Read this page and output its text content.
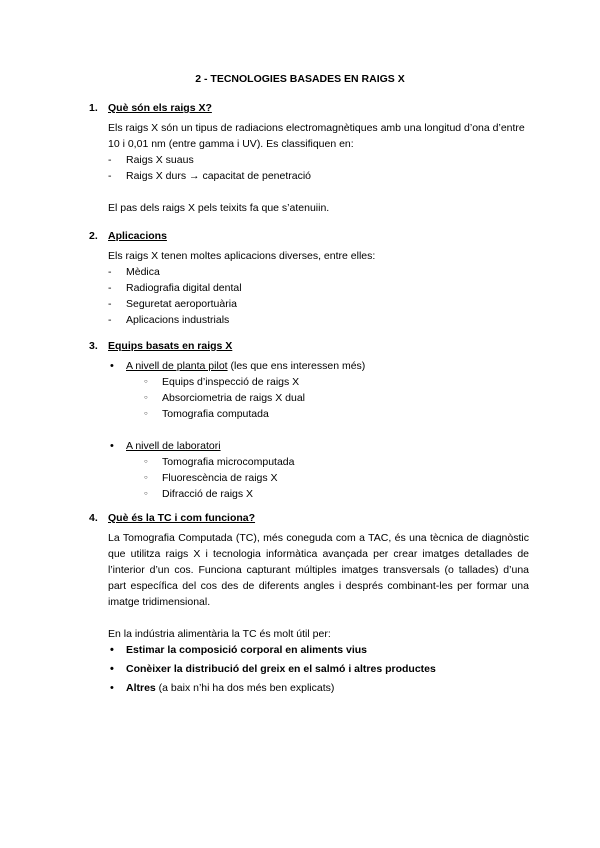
2 - TECNOLOGIES BASADES EN RAIGS X
1. Què són els raigs X?
Els raigs X són un tipus de radiacions electromagnètiques amb una longitud d’ona d’entre 10 i 0,01 nm (entre gamma i UV). Es classifiquen en:
- Raigs X suaus
- Raigs X durs → capacitat de penetració
El pas dels raigs X pels teixits fa que s’atenuiin.
2. Aplicacions
Els raigs X tenen moltes aplicacions diverses, entre elles:
- Mèdica
- Radiografia digital dental
- Seguretat aeroportuària
- Aplicacions industrials
3. Equips basats en raigs X
• A nivell de planta pilot (les que ens interessen més)
○ Equips d’inspecció de raigs X
○ Absorciometria de raigs X dual
○ Tomografia computada
• A nivell de laboratori
○ Tomografia microcomputada
○ Fluorescència de raigs X
○ Difracció de raigs X
4. Què és la TC i com funciona?
La Tomografia Computada (TC), més coneguda com a TAC, és una tècnica de diagnòstic que utilitza raigs X i tecnologia informàtica avançada per crear imatges detallades de l’interior d’un cos. Funciona capturant múltiples imatges transversals (o tallades) d’una part específica del cos des de diferents angles i després combinant-les per formar una imatge tridimensional.
En la indústria alimentària la TC és molt útil per:
• Estimar la composició corporal en aliments vius
• Conèixer la distribució del greix en el salmó i altres productes
• Altres (a baix n’hi ha dos més ben explicats)
